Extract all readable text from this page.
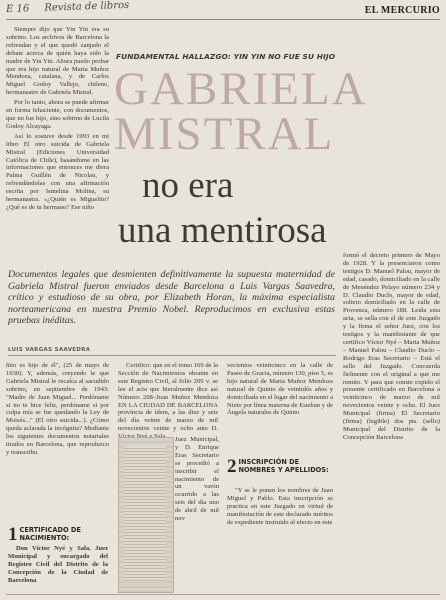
E 16 Revista de libros	EL MERCURIO

Siempre dijo que Yin Yin era su sobrino. Los archivos de Barcelona la refrendan y el que quedó zanjado el debate acerca de quién haya sido la madre de Yin Yin. Ahora puedo probar que era hijo natural de Marta Muñoz Mendoza, catalana, y de Carlos Miguel Godoy Vallejo, chileno, hermanastro de Gabriela Mistral.

Por lo tanto, ahora se puede afirmar en forma fehaciente, con documentos, que no fue hijo, sino sobrino de Lucila Godoy Alcayaga.

Así lo sostuve desde 1993 en mi libro El otro suicida de Gabriela Mistral (Ediciones Universidad Católica de Chile), basándome en las informaciones que entonces me diera Palma Guillén de Nicolau, y refrendándolas con una afirmación escrita por Ismelina Molina, su hermanastra. «¿Quién es Miguelito? ¿Qué es de tu hermano? Ese niño

FUNDAMENTAL HALLAZGO: YIN YIN NO FUE SU HIJO
GABRIELA
MISTRAL
no era
una mentirosa
Documentos legales que desmienten definitivamente la supuesta maternidad de Gabriela Mistral fueron enviados desde Barcelona a Luis Vargas Saavedra, crítico y estudioso de su obra, por Elizabeth Horan, la máxima especialista norteamericana en nuestra Premio Nobel. Reproducimos en exclusiva estas pruebas inéditas.
LUIS VARGAS SAAVEDRA

ñito es hijo de él", (25 de mayo de 1930). Y, además, creyendo le que Gabriela Mistral le recalca al sacudido sobrino, en septiembre de 1943: "Madre de Juan Miguel... Perdóname si no te hice feliz, perdóname si por culpa mía se fue quedando la Ley de Moisés..." (El otro suicida...). ¿Cómo queda aclarada la incógnita? Mediante los siguientes documentos notariales tirados en Barcelona, que reproduzco y transcribo.

1 CERTIFICADO DE NACIMIENTO:

Don Víctor Nyé y Sala, Juez Municipal y encargado del Registro Civil del Distrito de la Concepción de la Ciudad de Barcelona

Certifico: que en el tomo 169 de la Sección de Nacimientos obrante en este Registro Civil, al folio 209 v. se lee el acta que literalmente dice así Número 208–Juan Muñoz Mendoza EN LA CIUDAD DE BARCELONA provincia de ídem, a las diez y seis del día veinte de marzo de mil novecientos veinte y ocho ante D.

Juez Municipal, y D. Enrique Eras Secretario se procedió a inscribir el nacimiento de un varón ocurrido a las seis del día uno de abril de mil nov

vecientos veinticinco en la calle de Paseo de Gracia, número 130, piso 5, es hijo natural de Marta Muñoz Mendoza natural de Quinto de veintidós años y domiciliada en el lugar del nacimiento a Nieto por línea materna de Esteban y de Ángela naturales de Quinto

2 INSCRIPCIÓN DE NOMBRES Y APELLIDOS:

"Y se le ponen los nombres de Juan Miguel y Pablo. Esta inscripción se practica en este Juzgado en virtud de manifestación de este declarado méritos de expediente instruido al efecto en este

formó el decreto primero de Mayo de 1928. Y la presenciaron como testigos D. Manuel Palou, mayor de edad, casado, domiciliado en la calle de Menéndez Pelayo número 234 y D. Claudio Duclo, mayor de edad, soltero domiciliado en la calle de Provenza, número 188. Leída esta acta, se sella con el de este Juzgado y la firma el señor Juez, con los testigos y la manifestante de que certifico Víctor Nyé – Marta Muñoz – Manuel Palou – Claudio Duclo – Rodrigo Eras Secretario – Está el sello del Juzgado. Concuerda fielmente con el original a que me remito. Y para que conste expido el presente certificado en Barcelona a veinticinco de marzo de mil novecientos veinte y ocho. El Juez Municipal (firma) El Secretario (firma) (legible) dos pts. (sello) Municipal del Distrito de la Concepción Barcelona
